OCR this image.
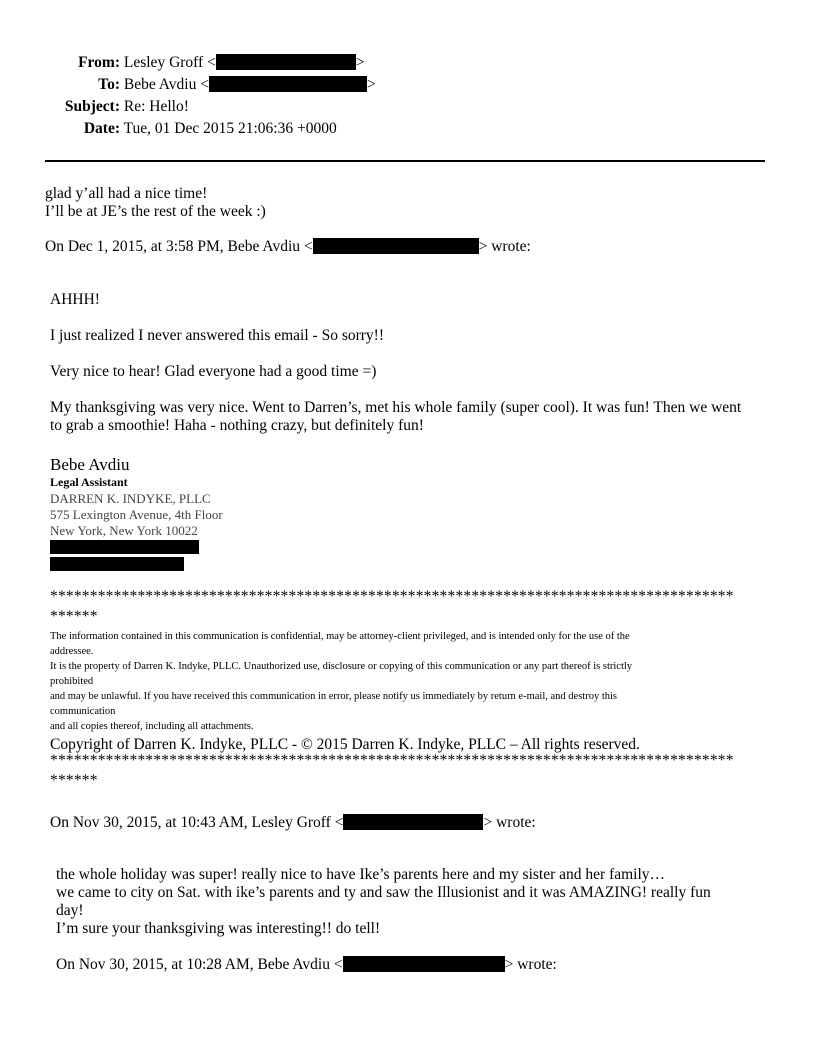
From: Lesley Groff <	>
To: Bebe Avdiu <	>
Subject: Re: Hello!
Date: Tue, 01 Dec 2015 21:06:36 +0000
glad y’all had a nice time!
I’ll be at JE’s the rest of the week :)
On Dec 1, 2015, at 3:58 PM, Bebe Avdiu <	> wrote:
AHHH!
I just realized I never answered this email - So sorry!!
Very nice to hear! Glad everyone had a good time =)
My thanksgiving was very nice. Went to Darren’s, met his whole family (super cool). It was fun! Then we went
to grab a smoothie! Haha - nothing crazy, but definitely fun!
Bebe Avdiu
Legal Assistant
DARREN K. INDYKE, PLLC
575 Lexington Avenue, 4th Floor
New York, New York 10022
**************************************************************************************
******
The information contained in this communication is confidential, may be attorney-client privileged, and is intended only for the use of the
addressee.
It is the property of Darren K. Indyke, PLLC. Unauthorized use, disclosure or copying of this communication or any part thereof is strictly
prohibited
and may be unlawful. If you have received this communication in error, please notify us immediately by return e-mail, and destroy this
communication
and all copies thereof, including all attachments.
Copyright of Darren K. Indyke, PLLC - © 2015 Darren K. Indyke, PLLC – All rights reserved.
**************************************************************************************
******
On Nov 30, 2015, at 10:43 AM, Lesley Groff <	> wrote:
the whole holiday was super! really nice to have Ike’s parents here and my sister and her family…
we came to city on Sat. with ike’s parents and ty and saw the Illusionist and it was AMAZING! really fun
day!
I’m sure your thanksgiving was interesting!! do tell!
On Nov 30, 2015, at 10:28 AM, Bebe Avdiu <	> wrote:
